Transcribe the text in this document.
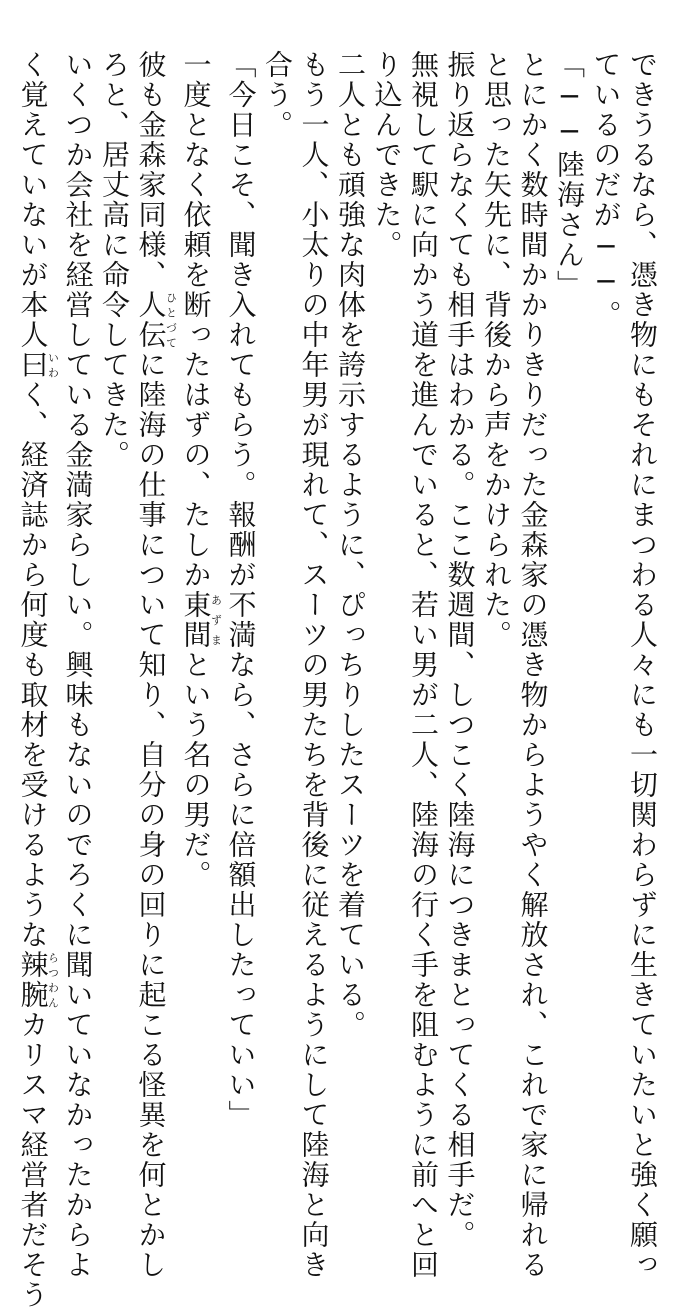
できうるなら、憑き物にもそれにまつわる人々にも一切関わらずに生きていたいと強く願っ

ているのだが──。

「──陸海さん」

とにかく数時間かかりきりだった金森家の憑き物からようやく解放され、これで家に帰れる

と思った矢先に、背後から声をかけられた。

振り返らなくても相手はわかる。ここ数週間、しつこく陸海につきまとってくる相手だ。

無視して駅に向かう道を進んでいると、若い男が二人、陸海の行く手を阻むように前へと回

り込んできた。

二人とも頑強な肉体を誇示するように、ぴっちりしたスーツを着ている。

もう一人、小太りの中年男が現れて、スーツの男たちを背後に従えるようにして陸海と向き

合う。

「今日こそ、聞き入れてもらう。報酬が不満なら、さらに倍額出したっていい」

一度となく依頼を断ったはずの、たしか東間あずまという名の男だ。

彼も金森家同様、人伝ひとづてに陸海の仕事について知り、自分の身の回りに起こる怪異を何とかし

ろと、居丈高に命令してきた。

いくつか会社を経営している金満家らしい。興味もないのでろくに聞いていなかったからよ

く覚えていないが本人曰いわく、経済誌から何度も取材を受けるような辣腕らつわんカリスマ経営者だそう
